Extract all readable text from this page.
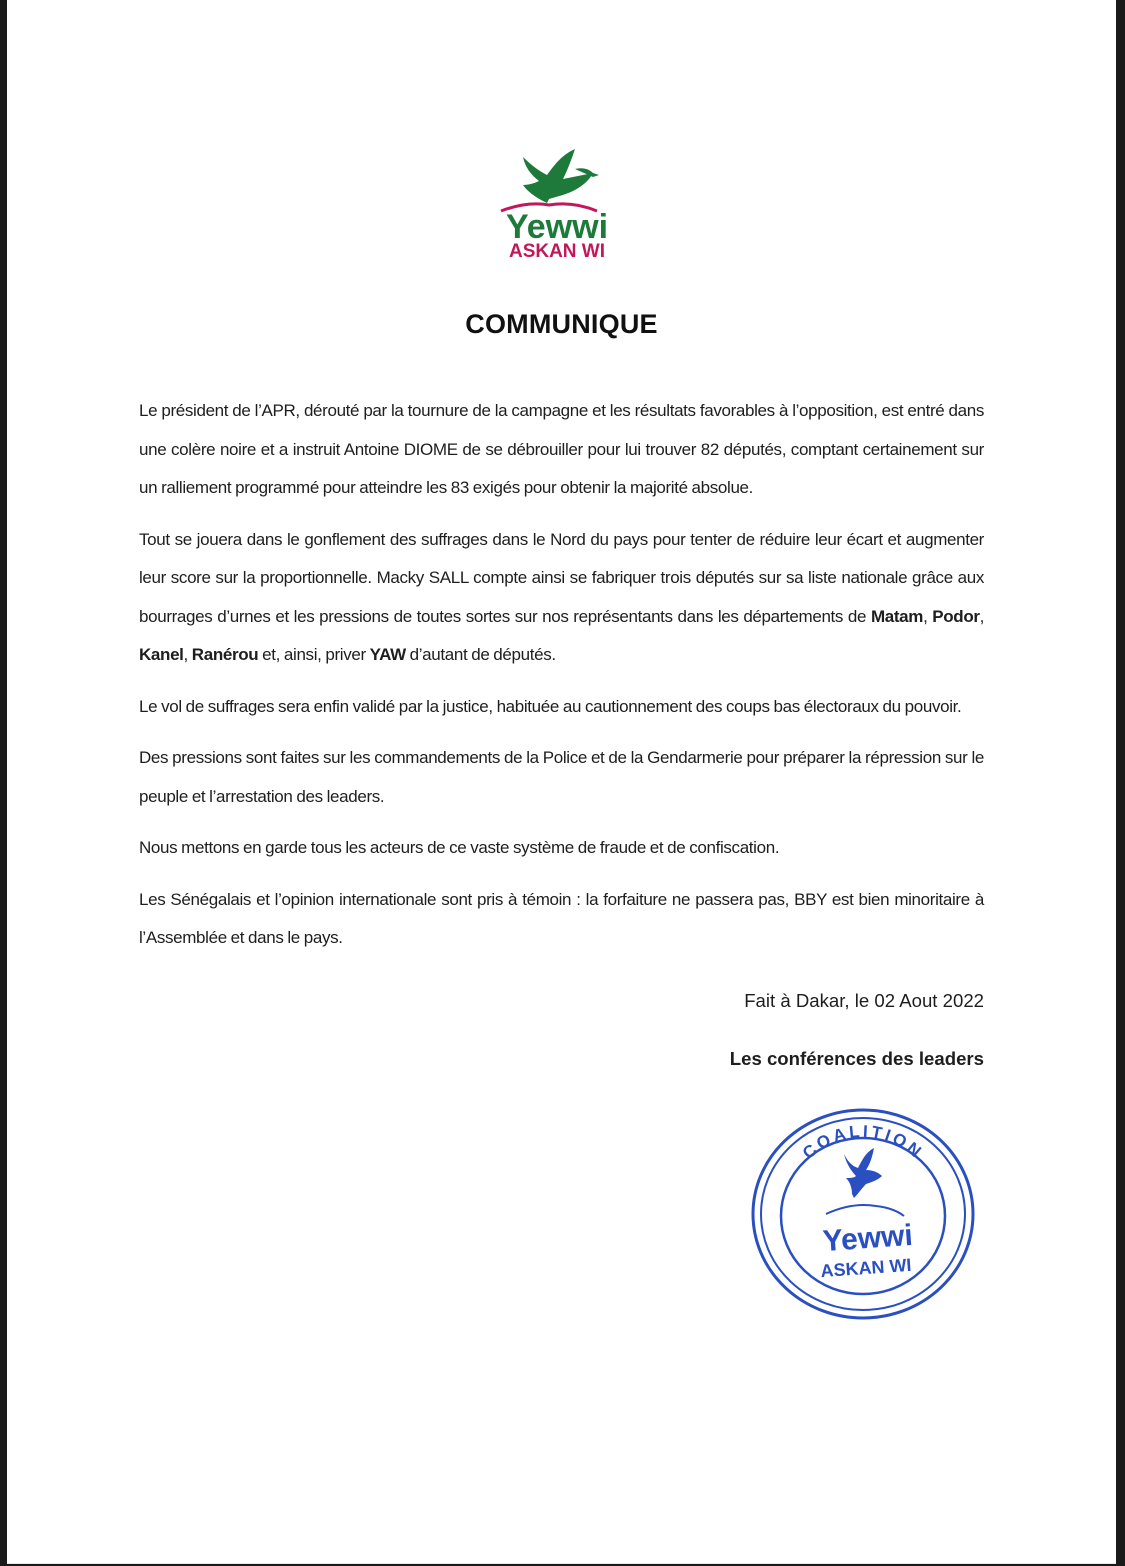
Yewwi
ASKAN WI
COMMUNIQUE

Le président de l’APR, dérouté par la tournure de la campagne et les résultats favorables à l’opposition, est entré dans une colère noire et a instruit Antoine DIOME de se débrouiller pour lui trouver 82 députés, comptant certainement sur un ralliement programmé pour atteindre les 83 exigés pour obtenir la majorité absolue.

Tout se jouera dans le gonflement des suffrages dans le Nord du pays pour tenter de réduire leur écart et augmenter leur score sur la proportionnelle. Macky SALL compte ainsi se fabriquer trois députés sur sa liste nationale grâce aux bourrages d’urnes et les pressions de toutes sortes sur nos représentants dans les départements de Matam, Podor, Kanel, Ranérou et, ainsi, priver YAW d’autant de députés.

Le vol de suffrages sera enfin validé par la justice, habituée au cautionnement des coups bas électoraux du pouvoir.

Des pressions sont faites sur les commandements de la Police et de la Gendarmerie pour préparer la répression sur le peuple et l’arrestation des leaders.

Nous mettons en garde tous les acteurs de ce vaste système de fraude et de confiscation.

Les Sénégalais et l’opinion internationale sont pris à témoin : la forfaiture ne passera pas, BBY est bien minoritaire à l’Assemblée et dans le pays.

Fait à Dakar, le 02 Aout 2022
Les conférences des leaders
COALITION
Yewwi
ASKAN WI
